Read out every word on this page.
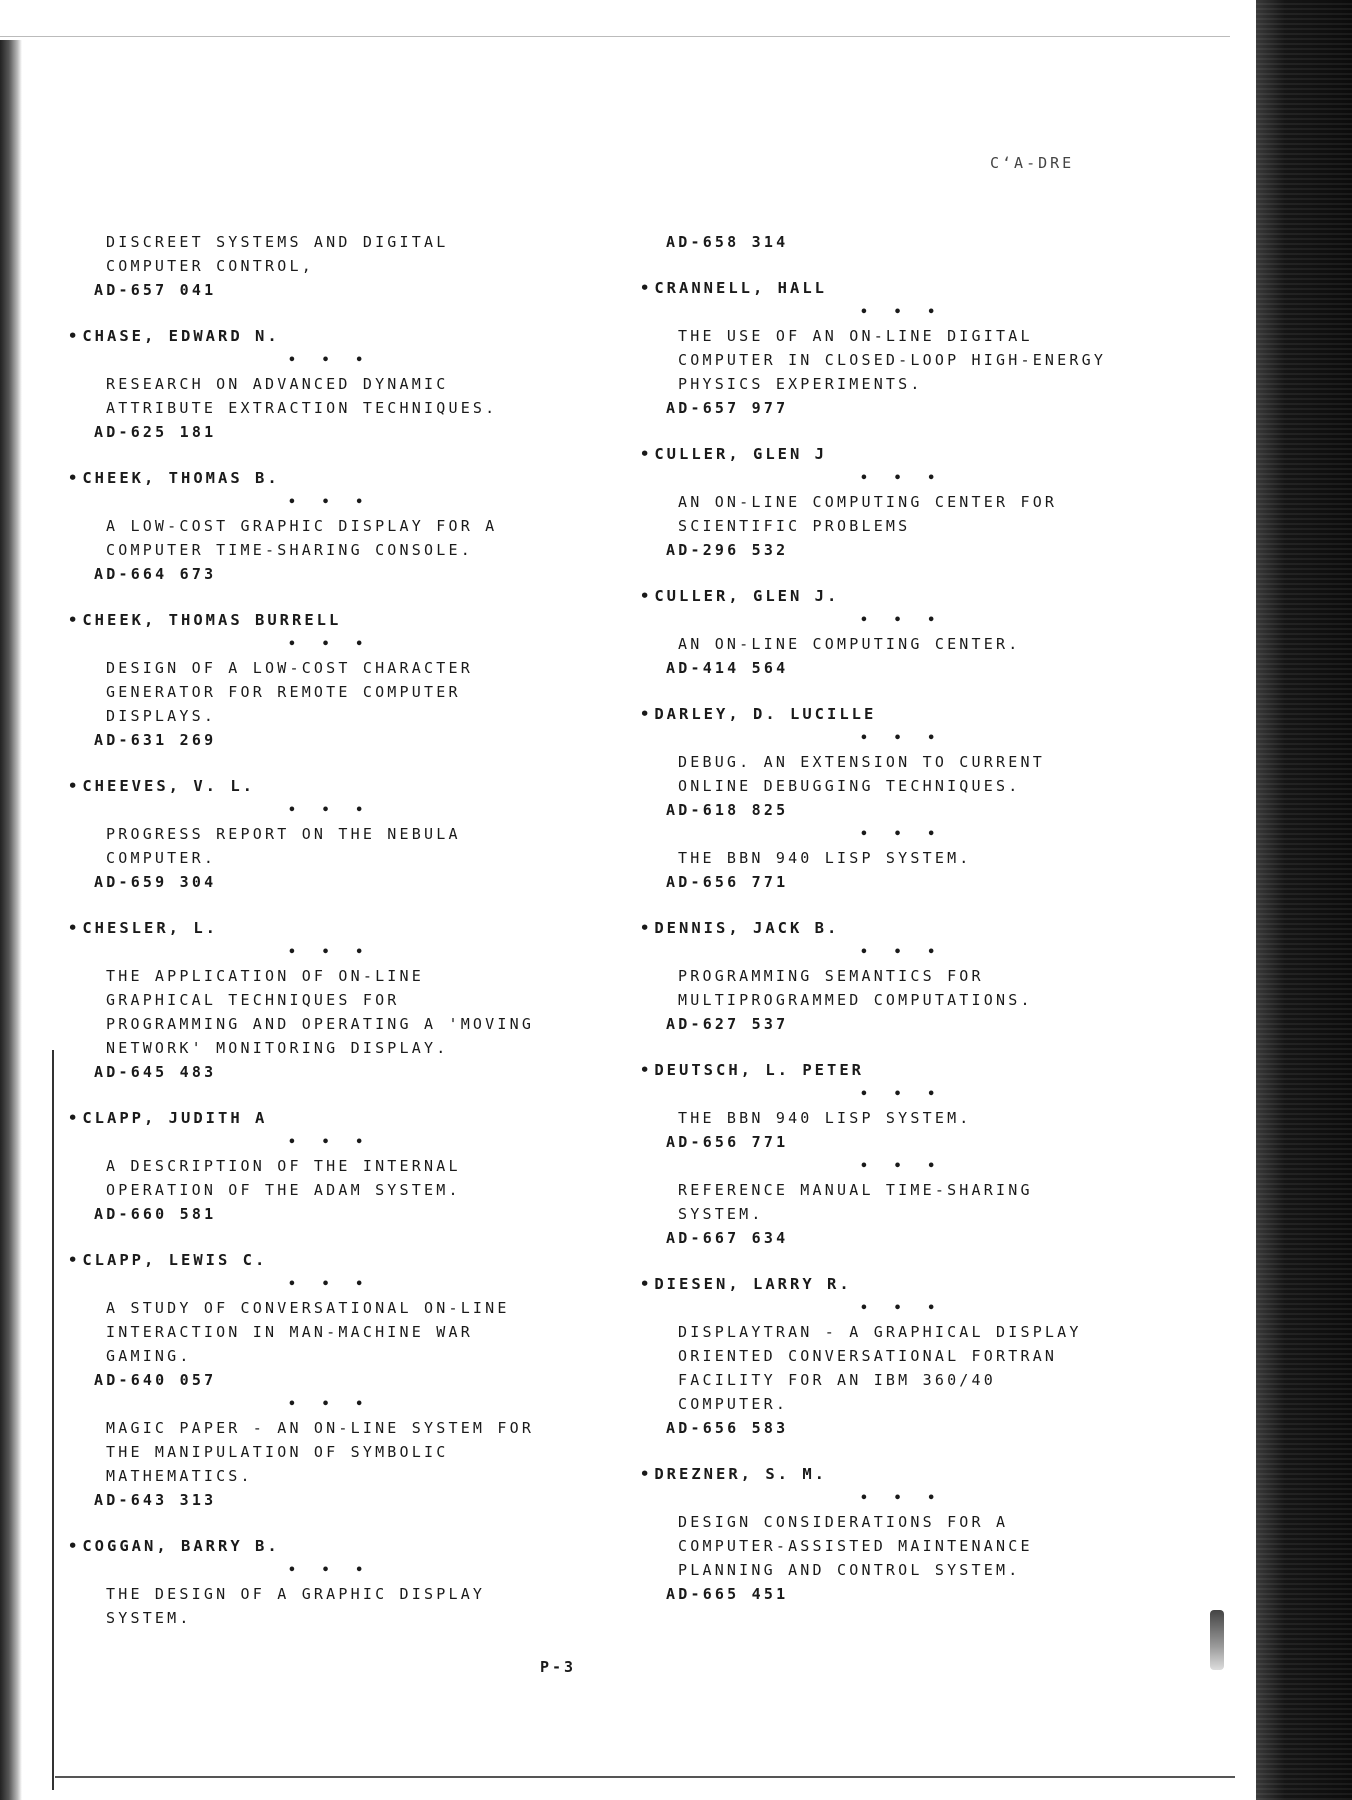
C‘A-DRE
DISCREET SYSTEMS AND DIGITAL
COMPUTER CONTROL,
AD-657 041
• CHASE, EDWARD N.
• • •
RESEARCH ON ADVANCED DYNAMIC
ATTRIBUTE EXTRACTION TECHNIQUES.
AD-625 181
• CHEEK, THOMAS B.
• • •
A LOW-COST GRAPHIC DISPLAY FOR A
COMPUTER TIME-SHARING CONSOLE.
AD-664 673
• CHEEK, THOMAS BURRELL
• • •
DESIGN OF A LOW-COST CHARACTER
GENERATOR FOR REMOTE COMPUTER
DISPLAYS.
AD-631 269
• CHEEVES, V. L.
• • •
PROGRESS REPORT ON THE NEBULA
COMPUTER.
AD-659 304
• CHESLER, L.
• • •
THE APPLICATION OF ON-LINE
GRAPHICAL TECHNIQUES FOR
PROGRAMMING AND OPERATING A 'MOVING
NETWORK' MONITORING DISPLAY.
AD-645 483
• CLAPP, JUDITH A
• • •
A DESCRIPTION OF THE INTERNAL
OPERATION OF THE ADAM SYSTEM.
AD-660 581
• CLAPP, LEWIS C.
• • •
A STUDY OF CONVERSATIONAL ON-LINE
INTERACTION IN MAN-MACHINE WAR
GAMING.
AD-640 057
• • •
MAGIC PAPER - AN ON-LINE SYSTEM FOR
THE MANIPULATION OF SYMBOLIC
MATHEMATICS.
AD-643 313
• COGGAN, BARRY B.
• • •
THE DESIGN OF A GRAPHIC DISPLAY
SYSTEM.
AD-658 314
• CRANNELL, HALL
• • •
THE USE OF AN ON-LINE DIGITAL
COMPUTER IN CLOSED-LOOP HIGH-ENERGY
PHYSICS EXPERIMENTS.
AD-657 977
• CULLER, GLEN J
• • •
AN ON-LINE COMPUTING CENTER FOR
SCIENTIFIC PROBLEMS
AD-296 532
• CULLER, GLEN J.
• • •
AN ON-LINE COMPUTING CENTER.
AD-414 564
• DARLEY, D. LUCILLE
• • •
DEBUG. AN EXTENSION TO CURRENT
ONLINE DEBUGGING TECHNIQUES.
AD-618 825
• • •
THE BBN 940 LISP SYSTEM.
AD-656 771
• DENNIS, JACK B.
• • •
PROGRAMMING SEMANTICS FOR
MULTIPROGRAMMED COMPUTATIONS.
AD-627 537
• DEUTSCH, L. PETER
• • •
THE BBN 940 LISP SYSTEM.
AD-656 771
• • •
REFERENCE MANUAL TIME-SHARING
SYSTEM.
AD-667 634
• DIESEN, LARRY R.
• • •
DISPLAYTRAN - A GRAPHICAL DISPLAY
ORIENTED CONVERSATIONAL FORTRAN
FACILITY FOR AN IBM 360/40
COMPUTER.
AD-656 583
• DREZNER, S. M.
• • •
DESIGN CONSIDERATIONS FOR A
COMPUTER-ASSISTED MAINTENANCE
PLANNING AND CONTROL SYSTEM.
AD-665 451
P-3
